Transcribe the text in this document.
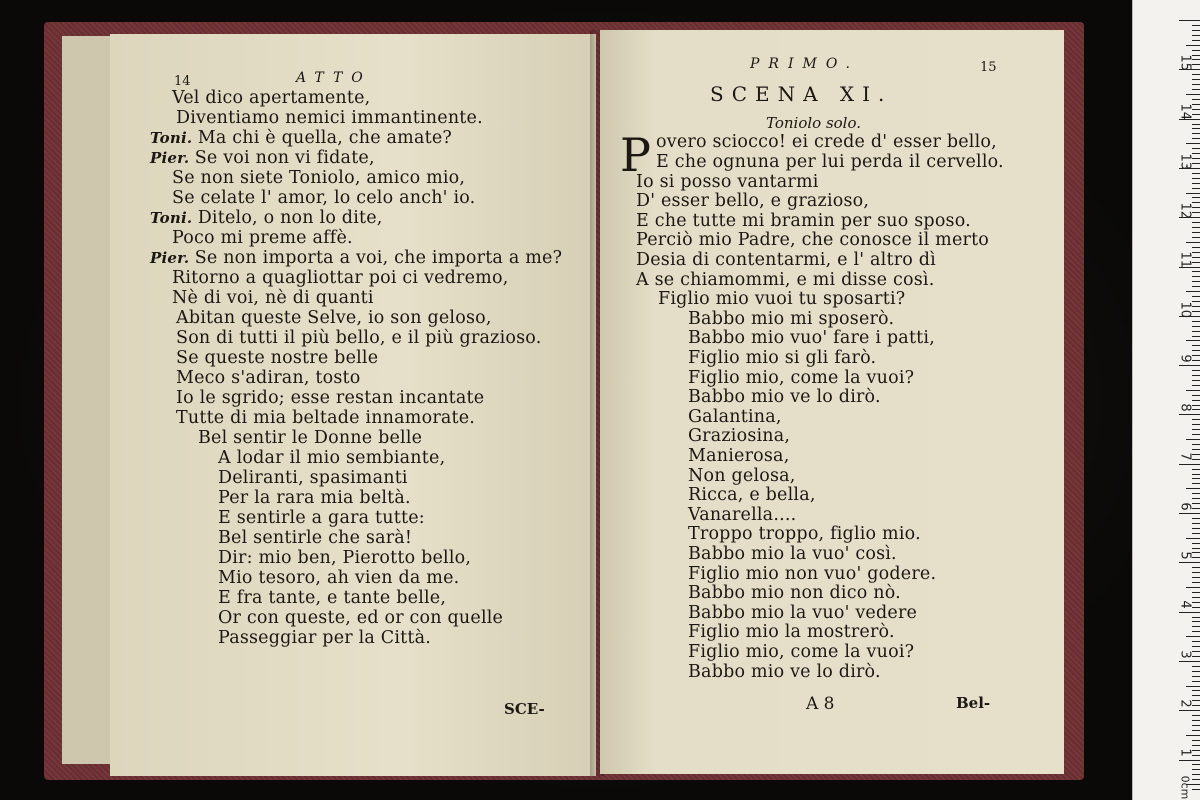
14	ATTO
Vel dico apertamente,
Diventiamo nemici immantinente.
Toni. Ma chi è quella, che amate?
Pier. Se voi non vi fidate,
Se non siete Toniolo, amico mio,
Se celate l' amor, lo celo anch' io.
Toni. Ditelo, o non lo dite,
Poco mi preme affè.
Pier. Se non importa a voi, che importa a me?
Ritorno a quagliottar poi ci vedremo,
Nè di voi, nè di quanti
Abitan queste Selve, io son geloso,
Son di tutti il più bello, e il più grazioso.
Se queste nostre belle
Meco s'adiran, tosto
Io le sgrido; esse restan incantate
Tutte di mia beltade innamorate.
Bel sentir le Donne belle
A lodar il mio sembiante,
Deliranti, spasimanti
Per la rara mia beltà.
E sentirle a gara tutte:
Bel sentirle che sarà!
Dir: mio ben, Pierotto bello,
Mio tesoro, ah vien da me.
E fra tante, e tante belle,
Or con queste, ed or con quelle
Passeggiar per la Città.
SCE-
PRIMO.	15
SCENA XI.
Toniolo solo.
P overo sciocco! ei crede d' esser bello,
E che ognuna per lui perda il cervello.
Io si posso vantarmi
D' esser bello, e grazioso,
E che tutte mi bramin per suo sposo.
Perciò mio Padre, che conosce il merto
Desia di contentarmi, e l' altro dì
A se chiamommi, e mi disse così.
Figlio mio vuoi tu sposarti?
Babbo mio mi sposerò.
Babbo mio vuo' fare i patti,
Figlio mio si gli farò.
Figlio mio, come la vuoi?
Babbo mio ve lo dirò.
Galantina,
Graziosina,
Manierosa,
Non gelosa,
Ricca, e bella,
Vanarella....
Troppo troppo, figlio mio.
Babbo mio la vuo' così.
Figlio mio non vuo' godere.
Babbo mio non dico nò.
Babbo mio la vuo' vedere
Figlio mio la mostrerò.
Figlio mio, come la vuoi?
Babbo mio ve lo dirò.
A 8	Bel-
15
14
13
12
11
10
9
8
7
6
5
4
3
2
1
0cm
